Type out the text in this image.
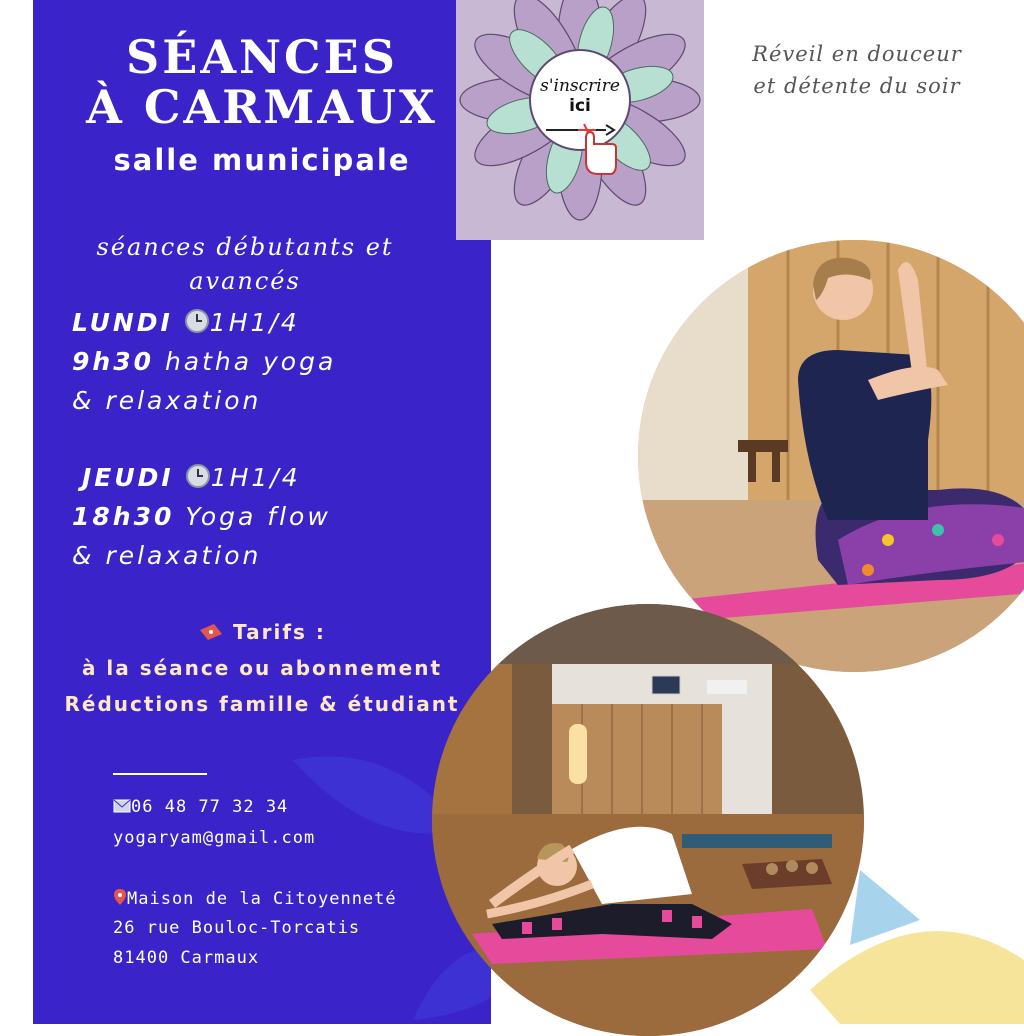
SÉANCES
À CARMAUX
salle municipale
s'inscrire
ici
Réveil en douceur
et détente du soir
séances débutants et
avancés
LUNDI 1H1/4
9h30 hatha yoga
& relaxation
JEUDI 1H1/4
18h30 Yoga flow
& relaxation
Tarifs :
à la séance ou abonnement
Réductions famille & étudiant
06 48 77 32 34
yogaryam@gmail.com
Maison de la Citoyenneté
26 rue Bouloc-Torcatis
81400 Carmaux
